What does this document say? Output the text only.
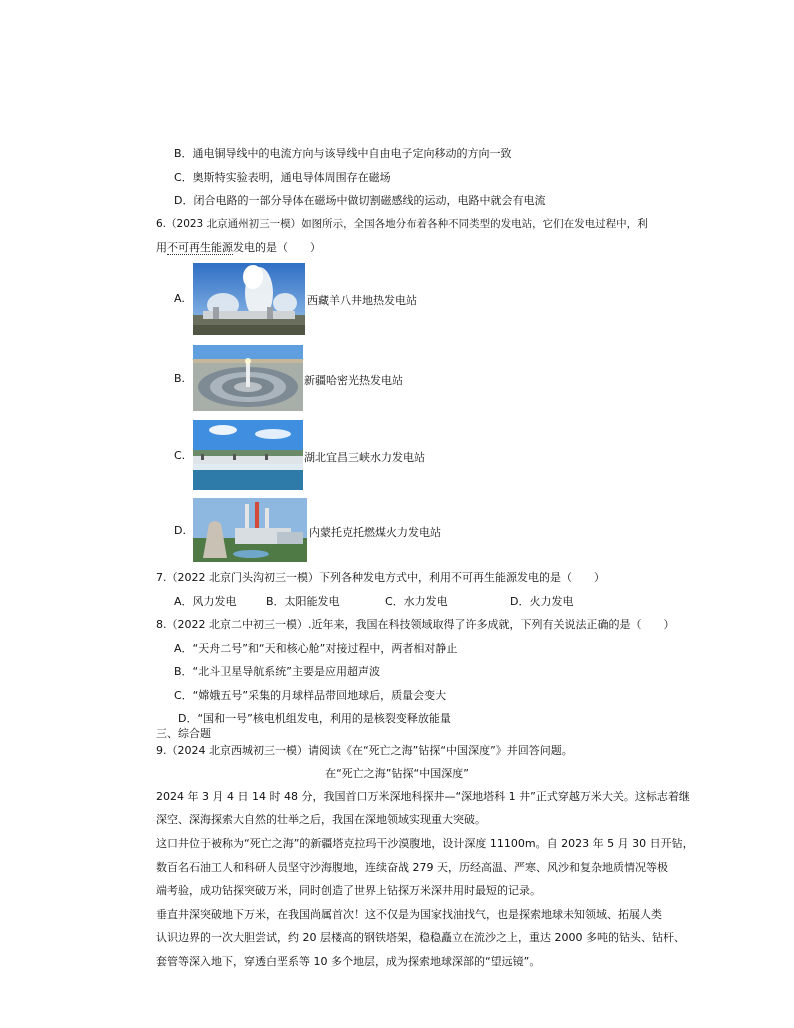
B．通电铜导线中的电流方向与该导线中自由电子定向移动的方向一致
C．奥斯特实验表明，通电导体周围存在磁场
D．闭合电路的一部分导体在磁场中做切割磁感线的运动，电路中就会有电流
6.（2023 北京通州初三一模）如图所示，全国各地分布着各种不同类型的发电站，它们在发电过程中，利
用不可再生能源发电的是（　　）
A.	西藏羊八井地热发电站
B.	新疆哈密光热发电站
C.	湖北宜昌三峡水力发电站
D.	内蒙托克托燃煤火力发电站
7.（2022 北京门头沟初三一模）下列各种发电方式中，利用不可再生能源发电的是（　　）
A．风力发电	B．太阳能发电	C．水力发电	D．火力发电
8.（2022 北京二中初三一模）.近年来，我国在科技领域取得了许多成就，下列有关说法正确的是（　　）
A．“天舟二号”和“天和核心舱”对接过程中，两者相对静止
B．“北斗卫星导航系统”主要是应用超声波
C．“嫦娥五号”采集的月球样品带回地球后，质量会变大
D．“国和一号”核电机组发电，利用的是核裂变释放能量
三、综合题
9.（2024 北京西城初三一模）请阅读《在“死亡之海”钻探“中国深度”》并回答问题。
在“死亡之海”钻探“中国深度”
2024 年 3 月 4 日 14 时 48 分，我国首口万米深地科探井—“深地塔科 1 井”正式穿越万米大关。这标志着继
深空、深海探索大自然的壮举之后，我国在深地领域实现重大突破。
这口井位于被称为“死亡之海”的新疆塔克拉玛干沙漠腹地，设计深度 11100m。自 2023 年 5 月 30 日开钻，
数百名石油工人和科研人员坚守沙海腹地，连续奋战 279 天，历经高温、严寒、风沙和复杂地质情况等极
端考验，成功钻探突破万米，同时创造了世界上钻探万米深井用时最短的记录。
垂直井深突破地下万米，在我国尚属首次！这不仅是为国家找油找气，也是探索地球未知领域、拓展人类
认识边界的一次大胆尝试，约 20 层楼高的钢铁塔架，稳稳矗立在流沙之上，重达 2000 多吨的钻头、钻杆、
套管等深入地下，穿透白垩系等 10 多个地层，成为探索地球深部的“望远镜”。
